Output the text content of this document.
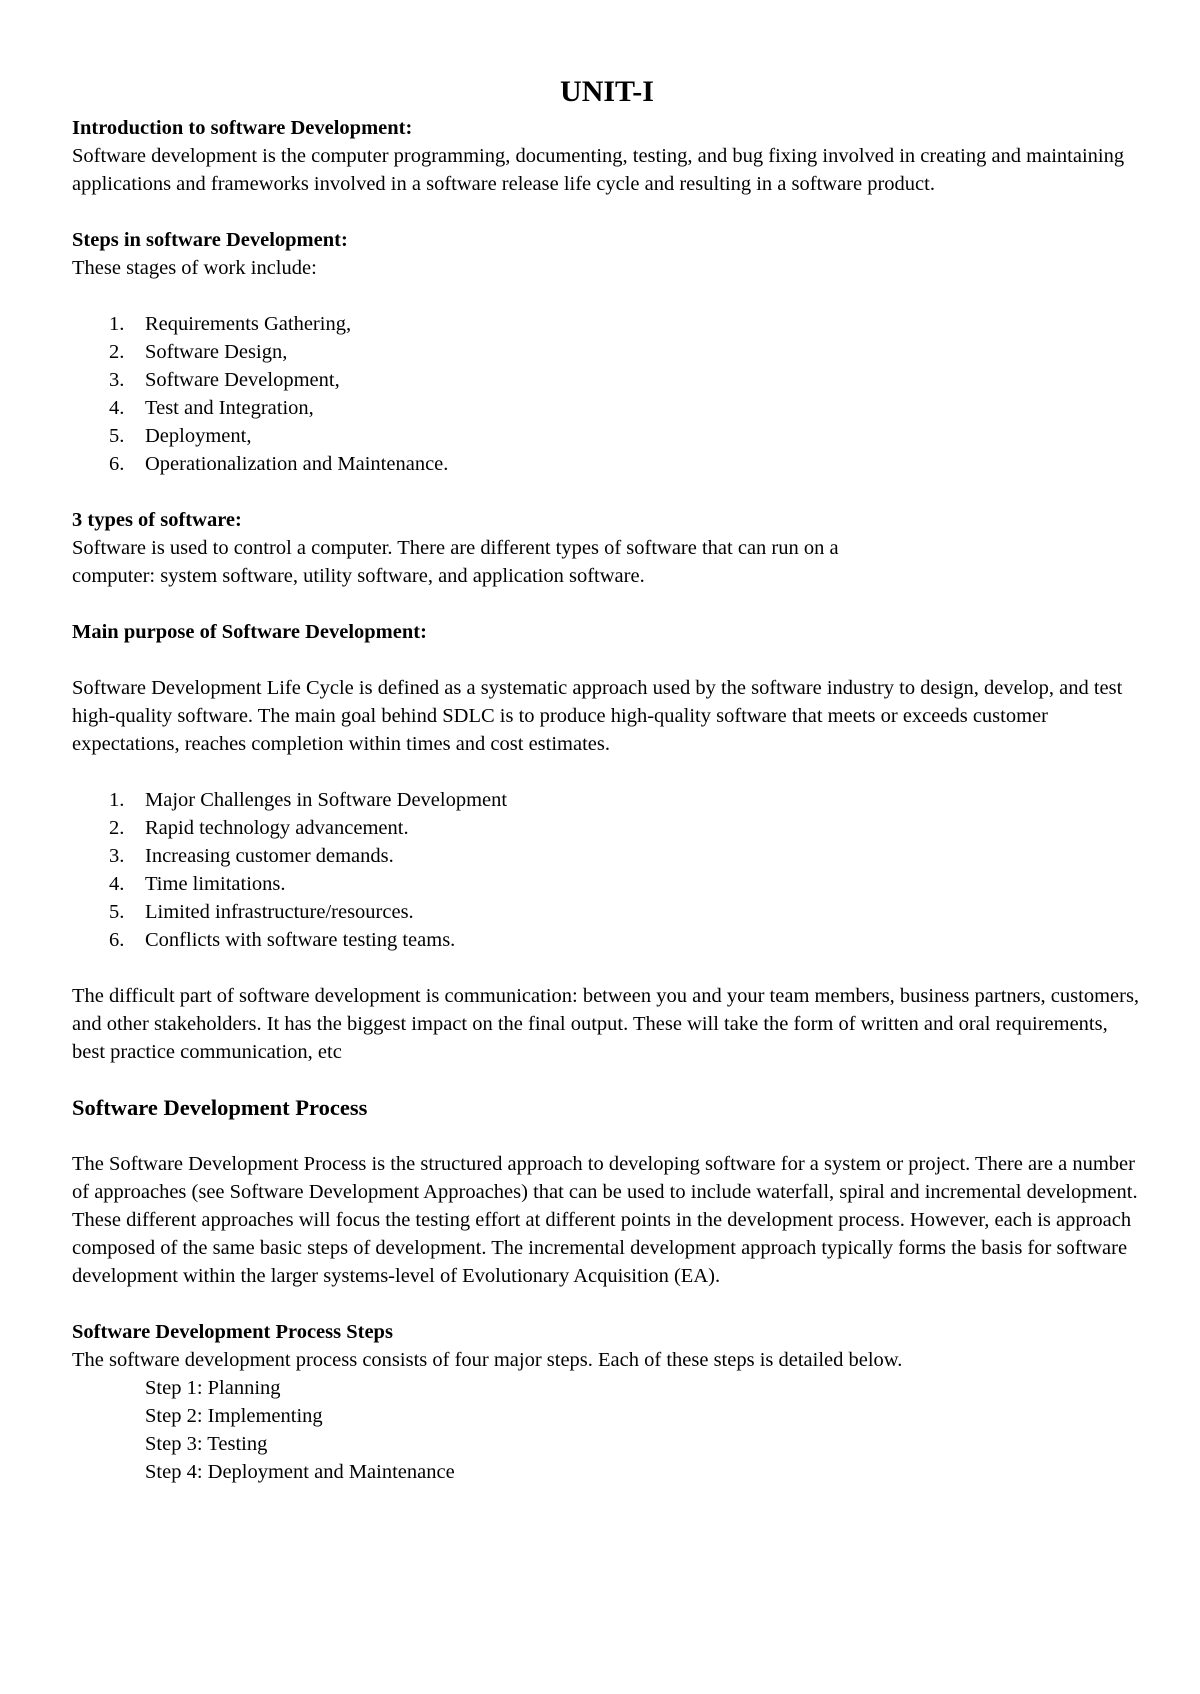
UNIT-I

Introduction to software Development:

Software development is the computer programming, documenting, testing, and bug fixing involved in creating and maintaining applications and frameworks involved in a software release life cycle and resulting in a software product.

Steps in software Development:

These stages of work include:

1. Requirements Gathering,
2. Software Design,
3. Software Development,
4. Test and Integration,
5. Deployment,
6. Operationalization and Maintenance.

3 types of software:

Software is used to control a computer. There are different types of software that can run on a

computer: system software, utility software, and application software.

Main purpose of Software Development:

Software Development Life Cycle is defined as a systematic approach used by the software industry to design, develop, and test high-quality software. The main goal behind SDLC is to produce high-quality software that meets or exceeds customer expectations, reaches completion within times and cost estimates.

1. Major Challenges in Software Development
2. Rapid technology advancement.
3. Increasing customer demands.
4. Time limitations.
5. Limited infrastructure/resources.
6. Conflicts with software testing teams.

The difficult part of software development is communication: between you and your team members, business partners, customers, and other stakeholders. It has the biggest impact on the final output. These will take the form of written and oral requirements, best practice communication, etc

Software Development Process

The Software Development Process is the structured approach to developing software for a system or project. There are a number of approaches (see Software Development Approaches) that can be used to include waterfall, spiral and incremental development. These different approaches will focus the testing effort at different points in the development process. However, each is approach composed of the same basic steps of development. The incremental development approach typically forms the basis for software development within the larger systems-level of Evolutionary Acquisition (EA).

Software Development Process Steps

The software development process consists of four major steps. Each of these steps is detailed below.

Step 1: Planning
Step 2: Implementing
Step 3: Testing
Step 4: Deployment and Maintenance
